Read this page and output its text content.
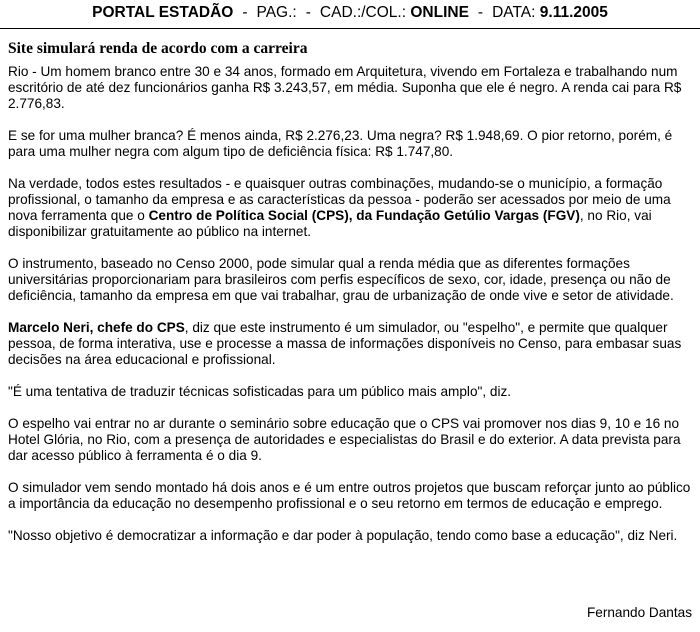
PORTAL ESTADÃO - PAG.: - CAD.:/COL.: ONLINE - DATA: 9.11.2005
Site simulará renda de acordo com a carreira

Rio - Um homem branco entre 30 e 34 anos, formado em Arquitetura, vivendo em Fortaleza e trabalhando num escritório de até dez funcionários ganha R$ 3.243,57, em média. Suponha que ele é negro. A renda cai para R$ 2.776,83.

E se for uma mulher branca? É menos ainda, R$ 2.276,23. Uma negra? R$ 1.948,69. O pior retorno, porém, é para uma mulher negra com algum tipo de deficiência física: R$ 1.747,80.

Na verdade, todos estes resultados - e quaisquer outras combinações, mudando-se o município, a formação profissional, o tamanho da empresa e as características da pessoa - poderão ser acessados por meio de uma nova ferramenta que o Centro de Política Social (CPS), da Fundação Getúlio Vargas (FGV), no Rio, vai disponibilizar gratuitamente ao público na internet.

O instrumento, baseado no Censo 2000, pode simular qual a renda média que as diferentes formações universitárias proporcionariam para brasileiros com perfis específicos de sexo, cor, idade, presença ou não de deficiência, tamanho da empresa em que vai trabalhar, grau de urbanização de onde vive e setor de atividade.

Marcelo Neri, chefe do CPS, diz que este instrumento é um simulador, ou "espelho", e permite que qualquer pessoa, de forma interativa, use e processe a massa de informações disponíveis no Censo, para embasar suas decisões na área educacional e profissional.

"É uma tentativa de traduzir técnicas sofisticadas para um público mais amplo", diz.

O espelho vai entrar no ar durante o seminário sobre educação que o CPS vai promover nos dias 9, 10 e 16 no Hotel Glória, no Rio, com a presença de autoridades e especialistas do Brasil e do exterior. A data prevista para dar acesso público à ferramenta é o dia 9.

O simulador vem sendo montado há dois anos e é um entre outros projetos que buscam reforçar junto ao público a importância da educação no desempenho profissional e o seu retorno em termos de educação e emprego.

"Nosso objetivo é democratizar a informação e dar poder à população, tendo como base a educação", diz Neri.

Fernando Dantas
